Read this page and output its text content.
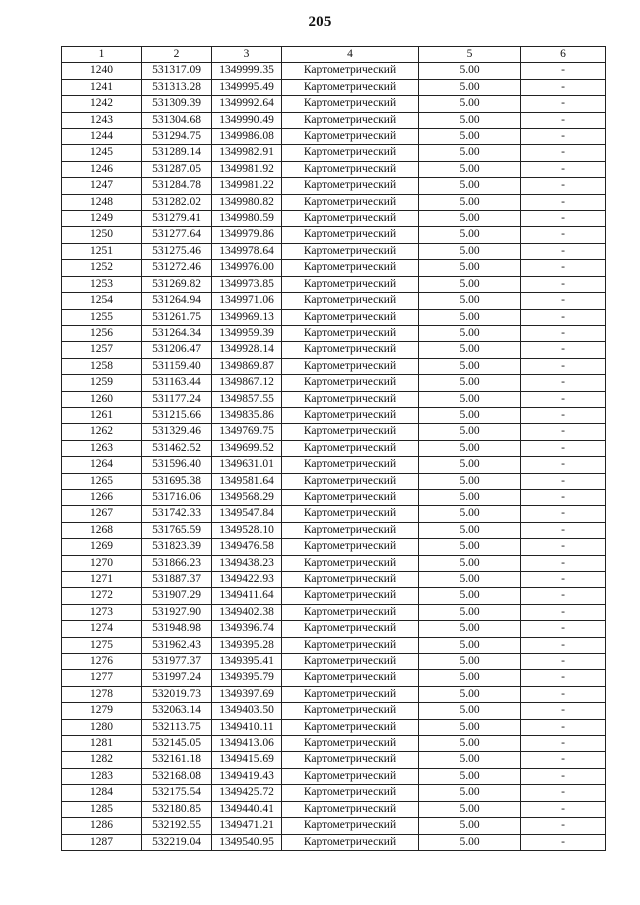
205
1	2	3	4	5	6
1240	531317.09	1349999.35	Картометрический	5.00	-
1241	531313.28	1349995.49	Картометрический	5.00	-
1242	531309.39	1349992.64	Картометрический	5.00	-
1243	531304.68	1349990.49	Картометрический	5.00	-
1244	531294.75	1349986.08	Картометрический	5.00	-
1245	531289.14	1349982.91	Картометрический	5.00	-
1246	531287.05	1349981.92	Картометрический	5.00	-
1247	531284.78	1349981.22	Картометрический	5.00	-
1248	531282.02	1349980.82	Картометрический	5.00	-
1249	531279.41	1349980.59	Картометрический	5.00	-
1250	531277.64	1349979.86	Картометрический	5.00	-
1251	531275.46	1349978.64	Картометрический	5.00	-
1252	531272.46	1349976.00	Картометрический	5.00	-
1253	531269.82	1349973.85	Картометрический	5.00	-
1254	531264.94	1349971.06	Картометрический	5.00	-
1255	531261.75	1349969.13	Картометрический	5.00	-
1256	531264.34	1349959.39	Картометрический	5.00	-
1257	531206.47	1349928.14	Картометрический	5.00	-
1258	531159.40	1349869.87	Картометрический	5.00	-
1259	531163.44	1349867.12	Картометрический	5.00	-
1260	531177.24	1349857.55	Картометрический	5.00	-
1261	531215.66	1349835.86	Картометрический	5.00	-
1262	531329.46	1349769.75	Картометрический	5.00	-
1263	531462.52	1349699.52	Картометрический	5.00	-
1264	531596.40	1349631.01	Картометрический	5.00	-
1265	531695.38	1349581.64	Картометрический	5.00	-
1266	531716.06	1349568.29	Картометрический	5.00	-
1267	531742.33	1349547.84	Картометрический	5.00	-
1268	531765.59	1349528.10	Картометрический	5.00	-
1269	531823.39	1349476.58	Картометрический	5.00	-
1270	531866.23	1349438.23	Картометрический	5.00	-
1271	531887.37	1349422.93	Картометрический	5.00	-
1272	531907.29	1349411.64	Картометрический	5.00	-
1273	531927.90	1349402.38	Картометрический	5.00	-
1274	531948.98	1349396.74	Картометрический	5.00	-
1275	531962.43	1349395.28	Картометрический	5.00	-
1276	531977.37	1349395.41	Картометрический	5.00	-
1277	531997.24	1349395.79	Картометрический	5.00	-
1278	532019.73	1349397.69	Картометрический	5.00	-
1279	532063.14	1349403.50	Картометрический	5.00	-
1280	532113.75	1349410.11	Картометрический	5.00	-
1281	532145.05	1349413.06	Картометрический	5.00	-
1282	532161.18	1349415.69	Картометрический	5.00	-
1283	532168.08	1349419.43	Картометрический	5.00	-
1284	532175.54	1349425.72	Картометрический	5.00	-
1285	532180.85	1349440.41	Картометрический	5.00	-
1286	532192.55	1349471.21	Картометрический	5.00	-
1287	532219.04	1349540.95	Картометрический	5.00	-
